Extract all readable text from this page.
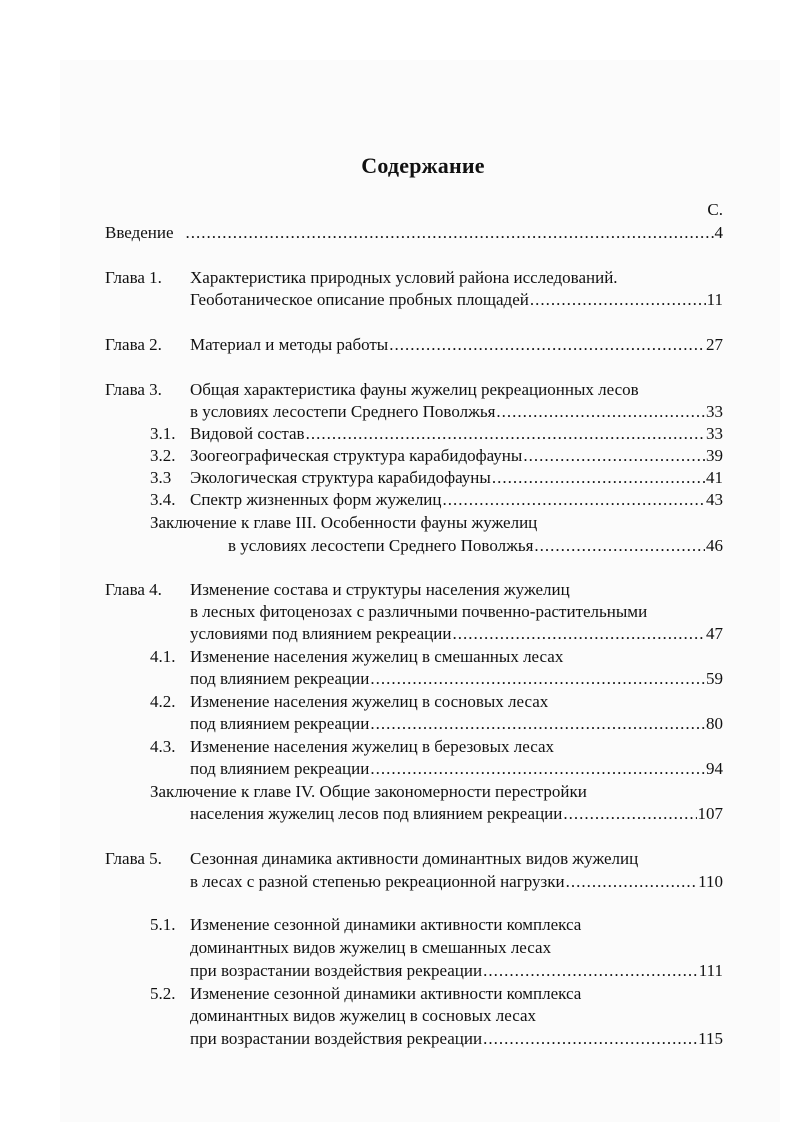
Содержание
С.
Введение .....	4
Глава 1. Характеристика природных условий района исследований.
Геоботаническое описание пробных площадей .....	11
Глава 2. Материал и методы работы .....	27
Глава 3. Общая характеристика фауны жужелиц рекреационных лесов
в условиях лесостепи Среднего Поволжья .....	33
3.1. Видовой состав .....	33
3.2. Зоогеографическая структура карабидофауны .....	39
3.3 Экологическая структура карабидофауны .....	41
3.4. Спектр жизненных форм жужелиц .....	43
Заключение к главе III. Особенности фауны жужелиц
в условиях лесостепи Среднего Поволжья .....	46
Глава 4. Изменение состава и структуры населения жужелиц
в лесных фитоценозах с различными почвенно-растительными
условиями под влиянием рекреации .....	47
4.1. Изменение населения жужелиц в смешанных лесах
под влиянием рекреации .....	59
4.2. Изменение населения жужелиц в сосновых лесах
под влиянием рекреации .....	80
4.3. Изменение населения жужелиц в березовых лесах
под влиянием рекреации .....	94
Заключение к главе IV. Общие закономерности перестройки
населения жужелиц лесов под влиянием рекреации .....	107
Глава 5. Сезонная динамика активности доминантных видов жужелиц
в лесах с разной степенью рекреационной нагрузки .....	110
5.1. Изменение сезонной динамики активности комплекса
доминантных видов жужелиц в смешанных лесах
при возрастании воздействия рекреации .....	111
5.2. Изменение сезонной динамики активности комплекса
доминантных видов жужелиц в сосновых лесах
при возрастании воздействия рекреации .....	115
